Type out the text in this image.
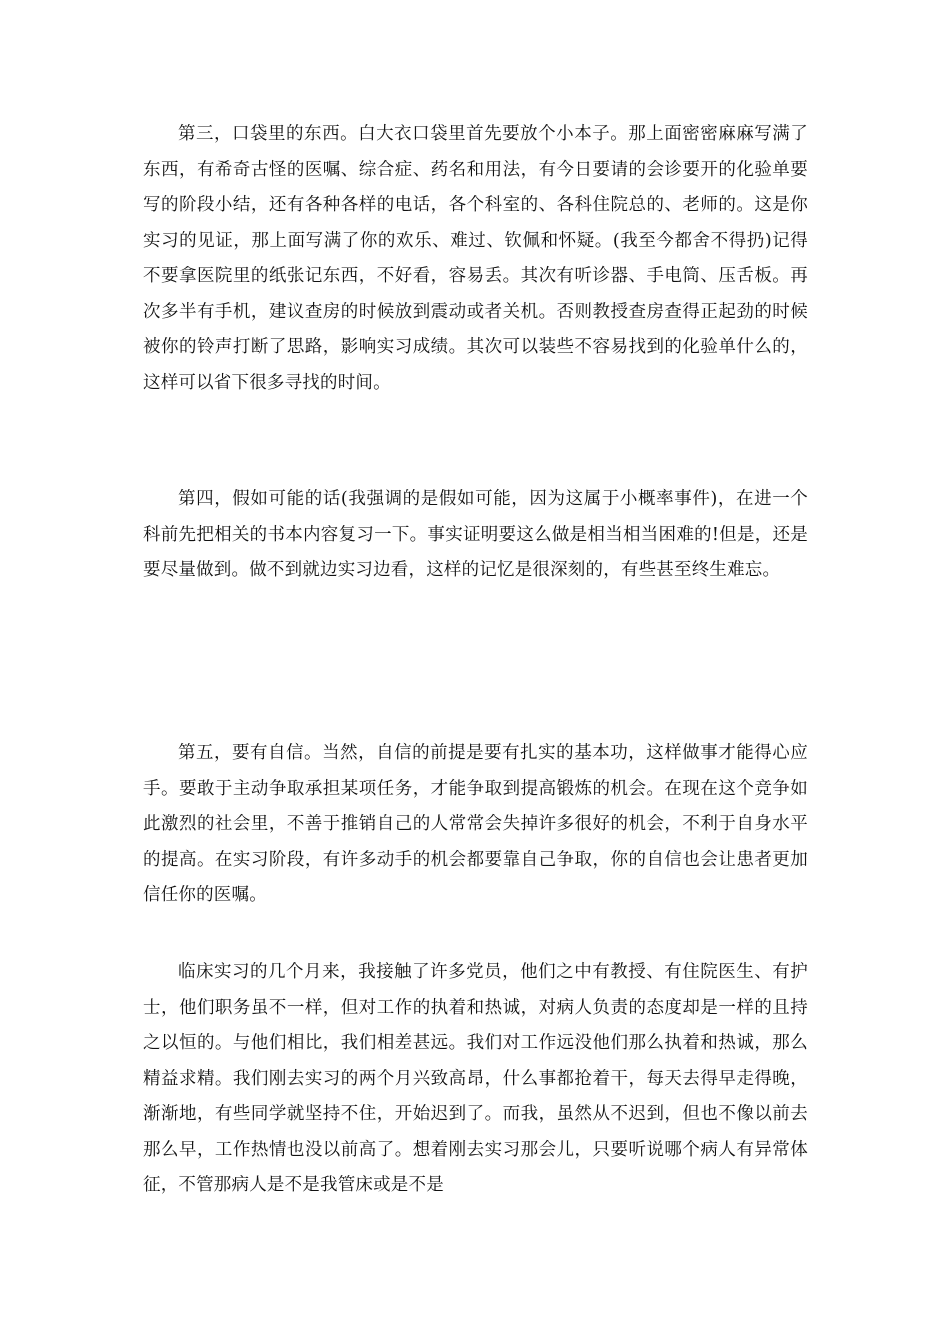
第三，口袋里的东西。白大衣口袋里首先要放个小本子。那上面密密麻麻写满了东西，有希奇古怪的医嘱、综合症、药名和用法，有今日要请的会诊要开的化验单要写的阶段小结，还有各种各样的电话，各个科室的、各科住院总的、老师的。这是你实习的见证，那上面写满了你的欢乐、难过、钦佩和怀疑。(我至今都舍不得扔)记得不要拿医院里的纸张记东西，不好看，容易丢。其次有听诊器、手电筒、压舌板。再次多半有手机，建议查房的时候放到震动或者关机。否则教授查房查得正起劲的时候被你的铃声打断了思路，影响实习成绩。其次可以装些不容易找到的化验单什么的，这样可以省下很多寻找的时间。

第四，假如可能的话(我强调的是假如可能，因为这属于小概率事件)，在进一个科前先把相关的书本内容复习一下。事实证明要这么做是相当相当困难的!但是，还是要尽量做到。做不到就边实习边看，这样的记忆是很深刻的，有些甚至终生难忘。

第五，要有自信。当然，自信的前提是要有扎实的基本功，这样做事才能得心应手。要敢于主动争取承担某项任务，才能争取到提高锻炼的机会。在现在这个竞争如此激烈的社会里，不善于推销自己的人常常会失掉许多很好的机会，不利于自身水平的提高。在实习阶段，有许多动手的机会都要靠自己争取，你的自信也会让患者更加信任你的医嘱。

临床实习的几个月来，我接触了许多党员，他们之中有教授、有住院医生、有护士，他们职务虽不一样，但对工作的执着和热诚，对病人负责的态度却是一样的且持之以恒的。与他们相比，我们相差甚远。我们对工作远没他们那么执着和热诚，那么精益求精。我们刚去实习的两个月兴致高昂，什么事都抢着干，每天去得早走得晚，渐渐地，有些同学就坚持不住，开始迟到了。而我，虽然从不迟到，但也不像以前去那么早，工作热情也没以前高了。想着刚去实习那会儿，只要听说哪个病人有异常体征，不管那病人是不是我管床或是不是
